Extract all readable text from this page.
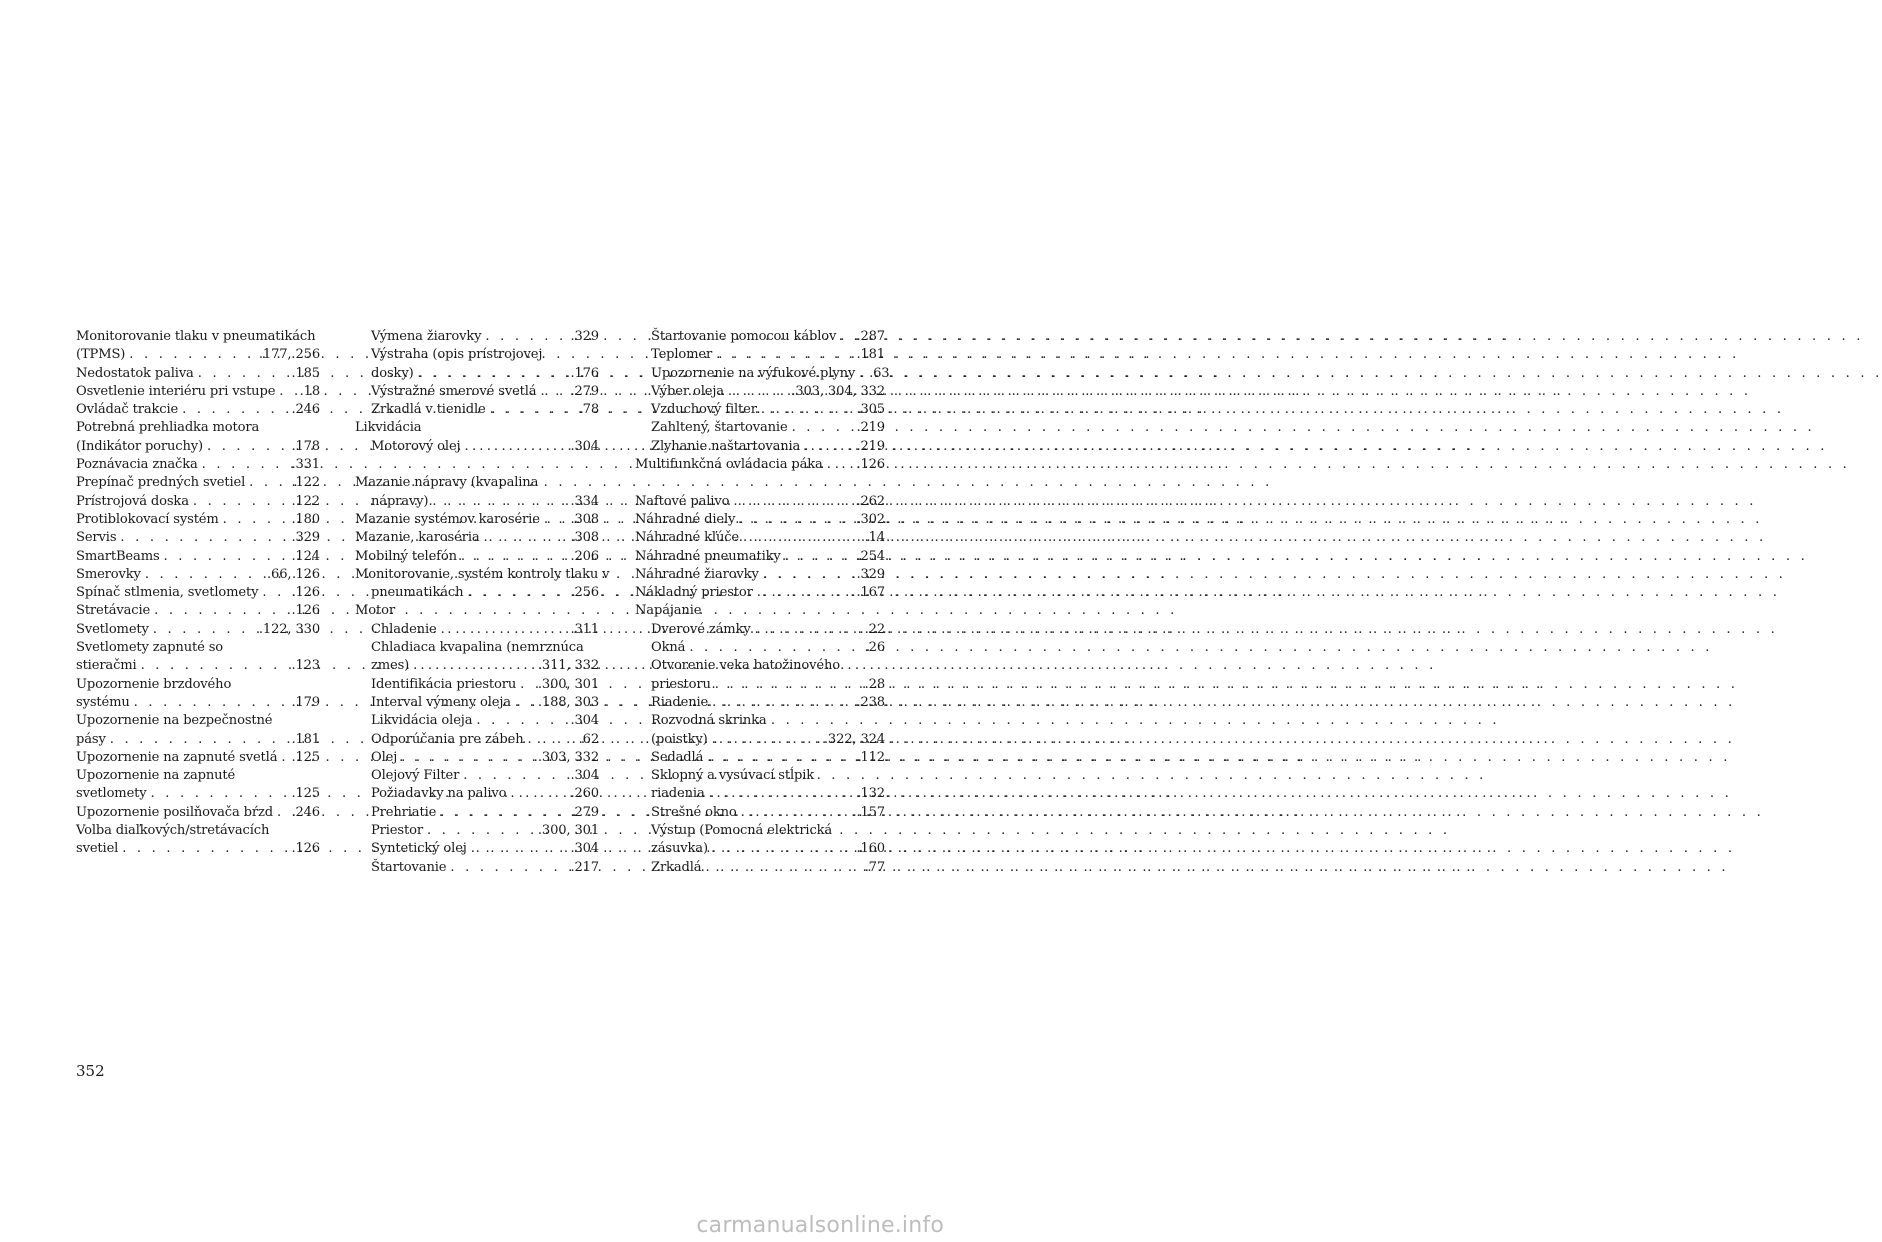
Monitorovanie tlaku v pneumatikách
(TPMS) . . .	.177, 256
Nedostatok paliva . . .	.185
Osvetlenie interiéru pri vstupe . . . .18
Ovládač trakcie . . .	.246
Potrebná prehliadka motora
(Indikátor poruchy) . . .	.178
Poznávacia značka . . .	.331
Prepínač predných svetiel . . .	.122
Prístrojová doska . . .	.122
Protiblokovací systém . . .	.180
Servis . . .	.329
SmartBeams . . .	.124
Smerovky . . .	.66, 126
Spínač stlmenia, svetlomety . . .	.126
Stretávacie . . .	.126
Svetlomety . . .	.122, 330
Svetlomety zapnuté so
stieračmi . . .	.123
Upozornenie brzdového
systému . . .	.179
Upozornenie na bezpečnostné
pásy . . .	.181
Upozornenie na zapnuté svetlá . . . .125
Upozornenie na zapnuté
svetlomety . . .	.125
Upozornenie posilňovača bŕzd . . . .246
Volba diaľkových/stretávacích
svetiel . . .	.126
Výmena žiarovky . . .	.329
Výstraha (opis prístrojovej
dosky) . . .	.176
Výstražné smerové svetlá . . .	.279
Zrkadlá v tienidle . . .	.78
Likvidácia
Motorový olej . . .	.304
Mazanie nápravy (kvapalina
nápravy) . . .	.334
Mazanie systémov karosérie . . . .308
Mazanie, karoséria . . .	.308
Mobilný telefón . . .	.206
Monitorovanie, systém kontroly tlaku v
pneumatikách . . .	.256
Motor
Chladenie . . .	.311
Chladiaca kvapalina (nemrznúca
zmes) . . .	.311, 332
Identifikácia priestoru . . . .300, 301
Interval výmeny oleja . . . .188, 303
Likvidácia oleja . . .	.304
Odporúčania pre zábeh . . .	.62
Olej . . .	.303, 332
Olejový Filter . . .	.304
Požiadavky na palivo . . .	.260
Prehriatie . . .	.279
Priestor . . .	.300, 301
Syntetický olej . . .	.304
Štartovanie . . .	.217
Štartovanie pomocou káblov . . . .287
Teplomer . . .	.181
Upozornenie na výfukové plyny . . . .63
Výber oleja . . .	.303, 304, 332
Vzduchový filter . . .	.305
Zahltený, štartovanie . . .	.219
Zlyhanie naštartovania . . .	.219
Multifunkčná ovládacia páka . . .	.126
Naftové palivo . . .	.262
Náhradné diely . . .	.302
Náhradné kľúče . . .	.14
Náhradné pneumatiky . . .	.254
Náhradné žiarovky . . .	.329
Nákladný priestor . . .	.167
Napájanie
Dverové zámky . . .	.22
Okná . . .	.26
Otvorenie veka batožinového
priestoru . . .	.28
Riadenie . . .	.238
Rozvodná skrinka
(poistky) . . .	.322, 324
Sedadlá . . .	.112
Sklopný a vysúvací stĺpik
riadenia . . .	.132
Strešné okno . . .	.157
Výstup (Pomocná elektrická
zásuvka) . . .	.160
Zrkadlá . . .	.77
352
carmanualsonline.info
